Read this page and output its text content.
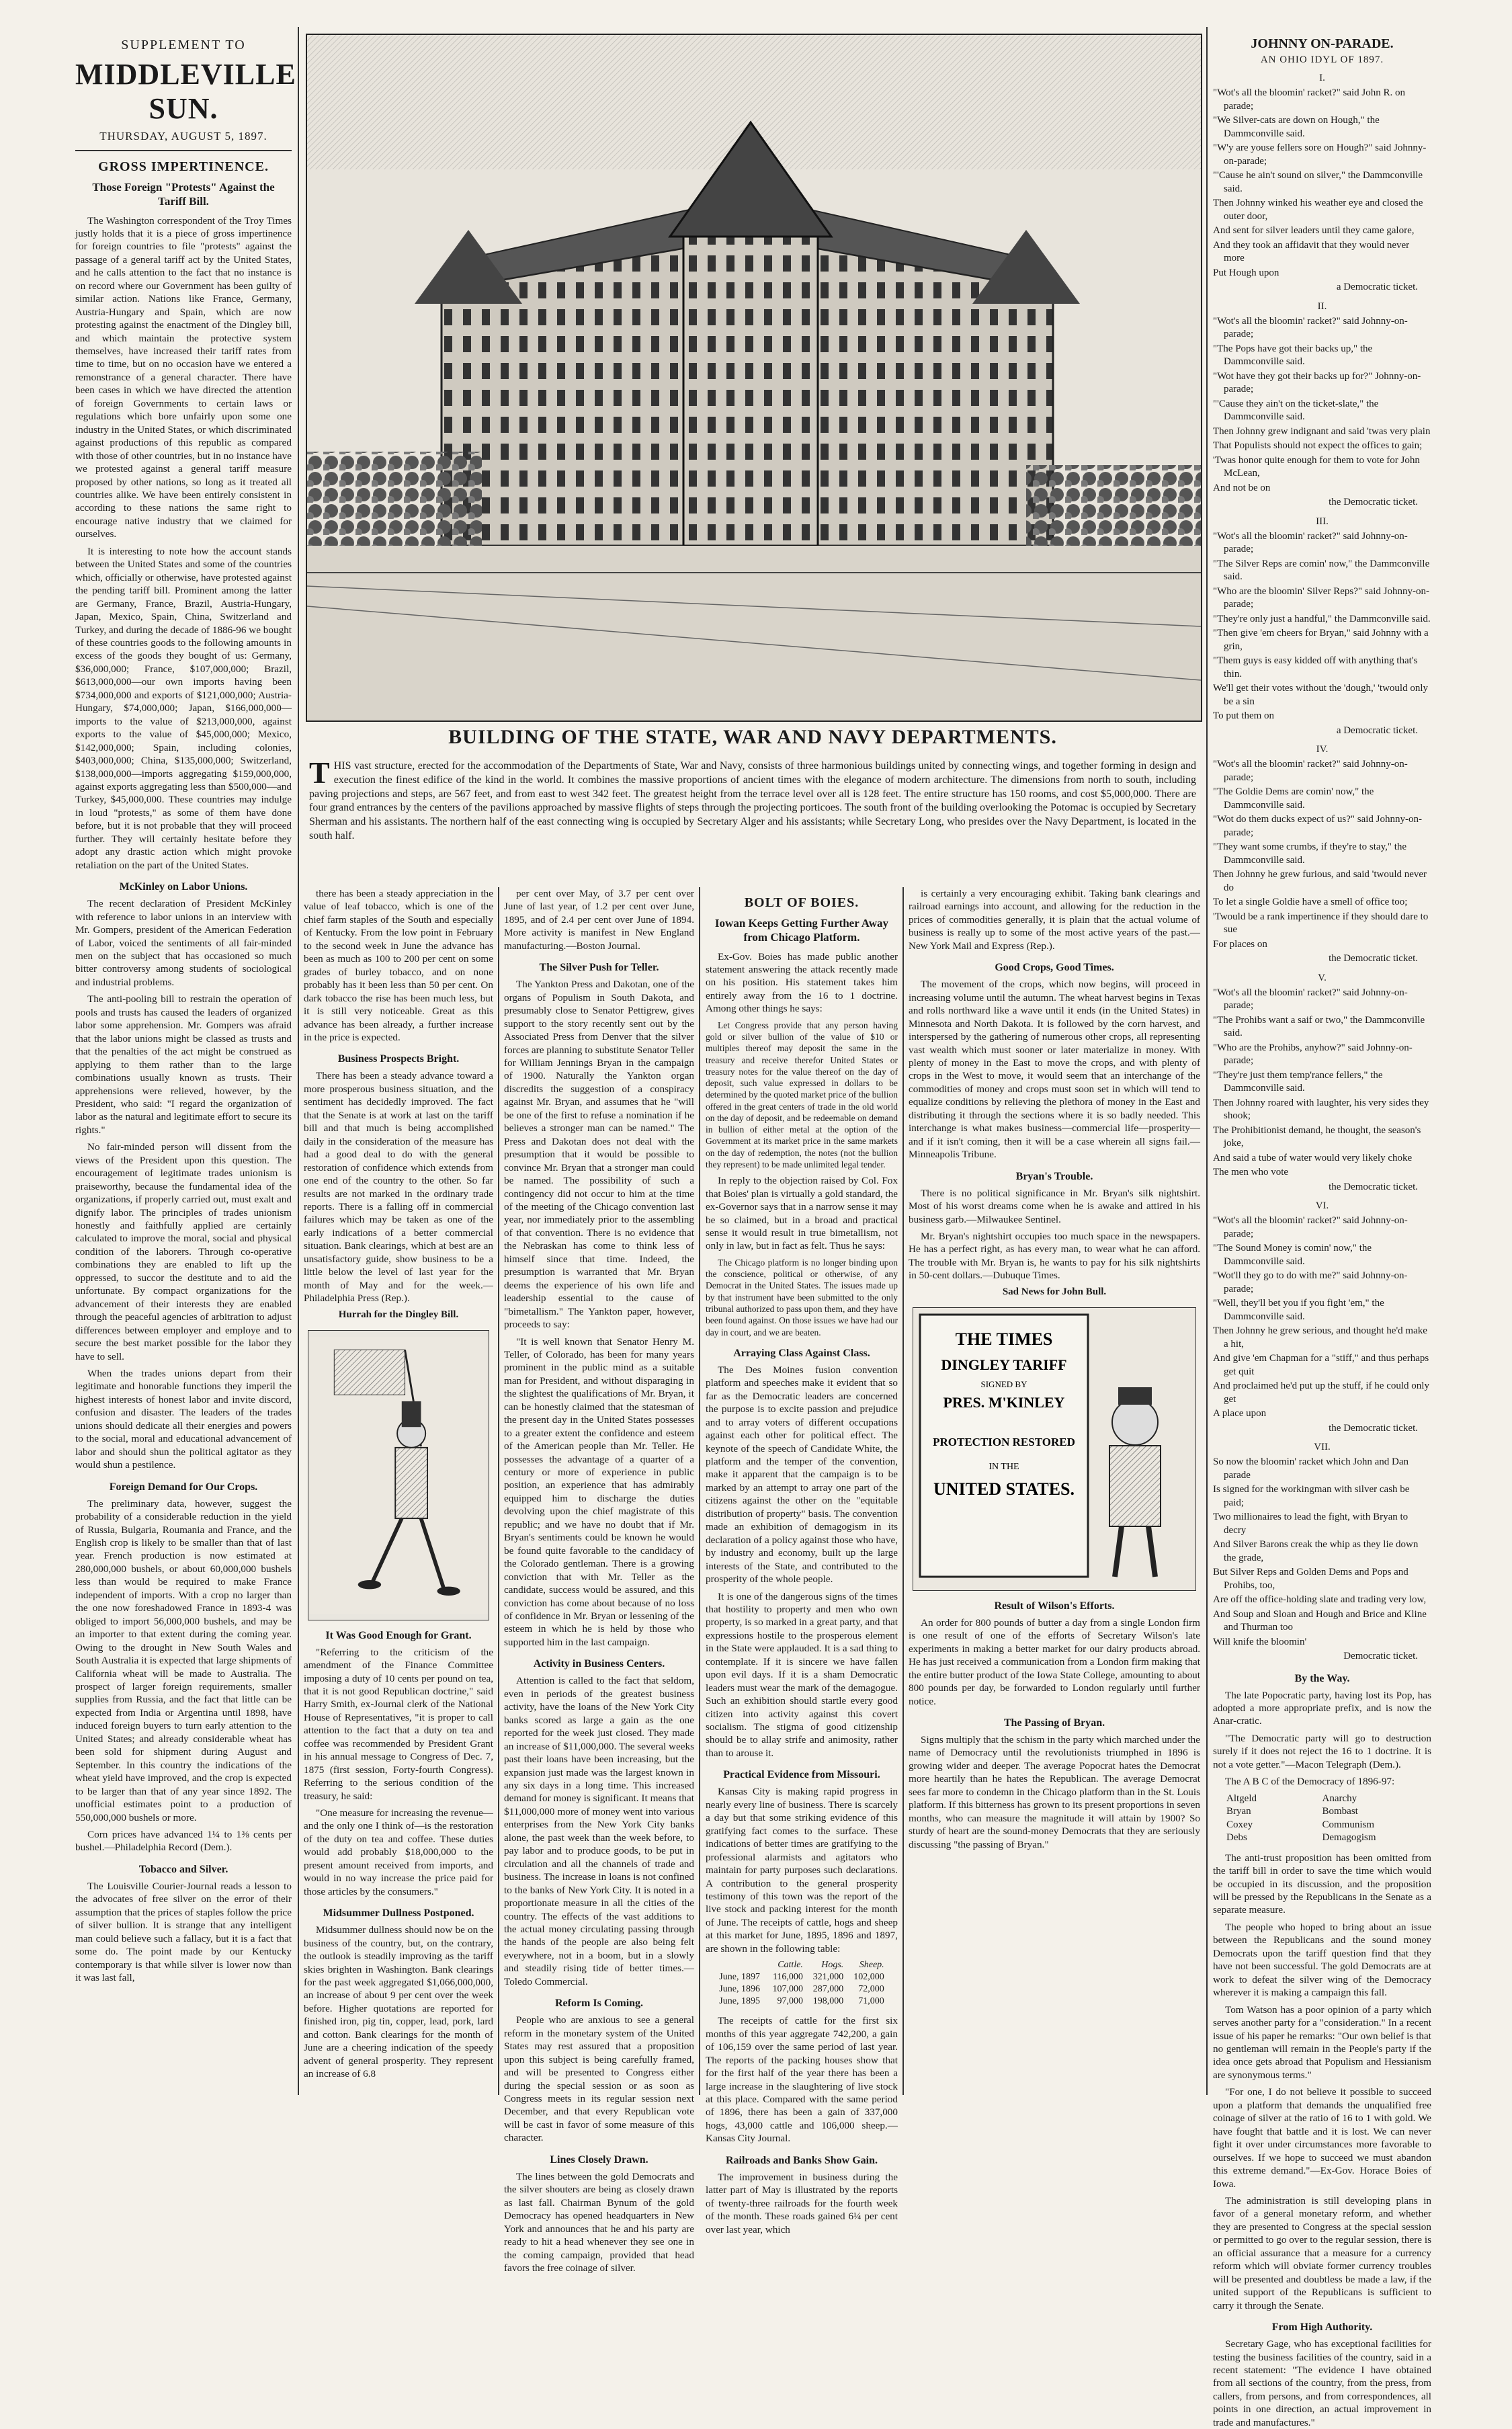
SUPPLEMENT TO
MIDDLEVILLE SUN.
THURSDAY, AUGUST 5, 1897.
GROSS IMPERTINENCE.
Those Foreign "Protests" Against the Tariff Bill.

The Washington correspondent of the Troy Times justly holds that it is a piece of gross impertinence for foreign countries to file "protests" against the passage of a general tariff act by the United States, and he calls attention to the fact that no instance is on record where our Government has been guilty of similar action. Nations like France, Germany, Austria-Hungary and Spain, which are now protesting against the enactment of the Dingley bill, and which maintain the protective system themselves, have increased their tariff rates from time to time, but on no occasion have we entered a remonstrance of a general character. There have been cases in which we have directed the attention of foreign Governments to certain laws or regulations which bore unfairly upon some one industry in the United States, or which discriminated against productions of this republic as compared with those of other countries, but in no instance have we protested against a general tariff measure proposed by other nations, so long as it treated all countries alike. We have been entirely consistent in according to these nations the same right to encourage native industry that we claimed for ourselves.

It is interesting to note how the account stands between the United States and some of the countries which, officially or otherwise, have protested against the pending tariff bill. Prominent among the latter are Germany, France, Brazil, Austria-Hungary, Japan, Mexico, Spain, China, Switzerland and Turkey, and during the decade of 1886-96 we bought of these countries goods to the following amounts in excess of the goods they bought of us: Germany, $36,000,000; France, $107,000,000; Brazil, $613,000,000—our own imports having been $734,000,000 and exports of $121,000,000; Austria-Hungary, $74,000,000; Japan, $166,000,000—imports to the value of $213,000,000, against exports to the value of $45,000,000; Mexico, $142,000,000; Spain, including colonies, $403,000,000; China, $135,000,000; Switzerland, $138,000,000—imports aggregating $159,000,000, against exports aggregating less than $500,000—and Turkey, $45,000,000. These countries may indulge in loud "protests," as some of them have done before, but it is not probable that they will proceed further. They will certainly hesitate before they adopt any drastic action which might provoke retaliation on the part of the United States.

McKinley on Labor Unions.

The recent declaration of President McKinley with reference to labor unions in an interview with Mr. Gompers, president of the American Federation of Labor, voiced the sentiments of all fair-minded men on the subject that has occasioned so much bitter controversy among students of sociological and industrial problems.

The anti-pooling bill to restrain the operation of pools and trusts has caused the leaders of organized labor some apprehension. Mr. Gompers was afraid that the labor unions might be classed as trusts and that the penalties of the act might be construed as applying to them rather than to the large combinations usually known as trusts. Their apprehensions were relieved, however, by the President, who said: "I regard the organization of labor as the natural and legitimate effort to secure its rights."

No fair-minded person will dissent from the views of the President upon this question. The encouragement of legitimate trades unionism is praiseworthy, because the fundamental idea of the organizations, if properly carried out, must exalt and dignify labor. The principles of trades unionism honestly and faithfully applied are certainly calculated to improve the moral, social and physical condition of the laborers. Through co-operative combinations they are enabled to lift up the oppressed, to succor the destitute and to aid the unfortunate. By compact organizations for the advancement of their interests they are enabled through the peaceful agencies of arbitration to adjust differences between employer and employe and to secure the best market possible for the labor they have to sell.

When the trades unions depart from their legitimate and honorable functions they imperil the highest interests of honest labor and invite discord, confusion and disaster. The leaders of the trades unions should dedicate all their energies and powers to the social, moral and educational advancement of labor and should shun the political agitator as they would shun a pestilence.

Foreign Demand for Our Crops.

The preliminary data, however, suggest the probability of a considerable reduction in the yield of Russia, Bulgaria, Roumania and France, and the English crop is likely to be smaller than that of last year. French production is now estimated at 280,000,000 bushels, or about 60,000,000 bushels less than would be required to make France independent of imports. With a crop no larger than the one now foreshadowed France in 1893-4 was obliged to import 56,000,000 bushels, and may be an importer to that extent during the coming year. Owing to the drought in New South Wales and South Australia it is expected that large shipments of California wheat will be made to Australia. The prospect of larger foreign requirements, smaller supplies from Russia, and the fact that little can be expected from India or Argentina until 1898, have induced foreign buyers to turn early attention to the United States; and already considerable wheat has been sold for shipment during August and September. In this country the indications of the wheat yield have improved, and the crop is expected to be larger than that of any year since 1892. The unofficial estimates point to a production of 550,000,000 bushels or more.

Corn prices have advanced 1¼ to 1⅜ cents per bushel.—Philadelphia Record (Dem.).

Tobacco and Silver.

The Louisville Courier-Journal reads a lesson to the advocates of free silver on the error of their assumption that the prices of staples follow the price of silver bullion. It is strange that any intelligent man could believe such a fallacy, but it is a fact that some do. The point made by our Kentucky contemporary is that while silver is lower now than it was last fall,

BUILDING OF THE STATE, WAR AND NAVY DEPARTMENTS.
T HIS vast structure, erected for the accommodation of the Departments of State, War and Navy, consists of three harmonious buildings united by connecting wings, and together forming in design and execution the finest edifice of the kind in the world. It combines the massive proportions of ancient times with the elegance of modern architecture. The dimensions from north to south, including paving projections and steps, are 567 feet, and from east to west 342 feet. The greatest height from the terrace level over all is 128 feet. The entire structure has 150 rooms, and cost $5,000,000. There are four grand entrances by the centers of the pavilions approached by massive flights of steps through the projecting porticoes. The south front of the building overlooking the Potomac is occupied by Secretary Sherman and his assistants. The northern half of the east connecting wing is occupied by Secretary Alger and his assistants; while Secretary Long, who presides over the Navy Department, is located in the south half.

there has been a steady appreciation in the value of leaf tobacco, which is one of the chief farm staples of the South and especially of Kentucky. From the low point in February to the second week in June the advance has been as much as 100 to 200 per cent on some grades of burley tobacco, and on none probably has it been less than 50 per cent. On dark tobacco the rise has been much less, but it is still very noticeable. Great as this advance has been already, a further increase in the price is expected.

Business Prospects Bright.

There has been a steady advance toward a more prosperous business situation, and the sentiment has decidedly improved. The fact that the Senate is at work at last on the tariff bill and that much is being accomplished daily in the consideration of the measure has had a good deal to do with the general restoration of confidence which extends from one end of the country to the other. So far results are not marked in the ordinary trade reports. There is a falling off in commercial failures which may be taken as one of the early indications of a better commercial situation. Bank clearings, which at best are an unsatisfactory guide, show business to be a little below the level of last year for the month of May and for the week.—Philadelphia Press (Rep.).

Hurrah for the Dingley Bill.
It Was Good Enough for Grant.

"Referring to the criticism of the amendment of the Finance Committee imposing a duty of 10 cents per pound on tea, that it is not good Republican doctrine," said Harry Smith, ex-Journal clerk of the National House of Representatives, "it is proper to call attention to the fact that a duty on tea and coffee was recommended by President Grant in his annual message to Congress of Dec. 7, 1875 (first session, Forty-fourth Congress). Referring to the serious condition of the treasury, he said:

"One measure for increasing the revenue—and the only one I think of—is the restoration of the duty on tea and coffee. These duties would add probably $18,000,000 to the present amount received from imports, and would in no way increase the price paid for those articles by the consumers."

Midsummer Dullness Postponed.

Midsummer dullness should now be on the business of the country, but, on the contrary, the outlook is steadily improving as the tariff skies brighten in Washington. Bank clearings for the past week aggregated $1,066,000,000, an increase of about 9 per cent over the week before. Higher quotations are reported for finished iron, pig tin, copper, lead, pork, lard and cotton. Bank clearings for the month of June are a cheering indication of the speedy advent of general prosperity. They represent an increase of 6.8

per cent over May, of 3.7 per cent over June of last year, of 1.2 per cent over June, 1895, and of 2.4 per cent over June of 1894. More activity is manifest in New England manufacturing.—Boston Journal.

The Silver Push for Teller.

The Yankton Press and Dakotan, one of the organs of Populism in South Dakota, and presumably close to Senator Pettigrew, gives support to the story recently sent out by the Associated Press from Denver that the silver forces are planning to substitute Senator Teller for William Jennings Bryan in the campaign of 1900. Naturally the Yankton organ discredits the suggestion of a conspiracy against Mr. Bryan, and assumes that he "will be one of the first to refuse a nomination if he believes a stronger man can be named." The Press and Dakotan does not deal with the presumption that it would be possible to convince Mr. Bryan that a stronger man could be named. The possibility of such a contingency did not occur to him at the time of the meeting of the Chicago convention last year, nor immediately prior to the assembling of that convention. There is no evidence that the Nebraskan has come to think less of himself since that time. Indeed, the presumption is warranted that Mr. Bryan deems the experience of his own life and leadership essential to the cause of "bimetallism." The Yankton paper, however, proceeds to say:

"It is well known that Senator Henry M. Teller, of Colorado, has been for many years prominent in the public mind as a suitable man for President, and without disparaging in the slightest the qualifications of Mr. Bryan, it can be honestly claimed that the statesman of the present day in the United States possesses to a greater extent the confidence and esteem of the American people than Mr. Teller. He possesses the advantage of a quarter of a century or more of experience in public position, an experience that has admirably equipped him to discharge the duties devolving upon the chief magistrate of this republic; and we have no doubt that if Mr. Bryan's sentiments could be known he would be found quite favorable to the candidacy of the Colorado gentleman. There is a growing conviction that with Mr. Teller as the candidate, success would be assured, and this conviction has come about because of no loss of confidence in Mr. Bryan or lessening of the esteem in which he is held by those who supported him in the last campaign.

Activity in Business Centers.

Attention is called to the fact that seldom, even in periods of the greatest business activity, have the loans of the New York City banks scored as large a gain as the one reported for the week just closed. They made an increase of $11,000,000. The several weeks past their loans have been increasing, but the expansion just made was the largest known in any six days in a long time. This increased demand for money is significant. It means that $11,000,000 more of money went into various enterprises from the New York City banks alone, the past week than the week before, to pay labor and to produce goods, to be put in circulation and all the channels of trade and business. The increase in loans is not confined to the banks of New York City. It is noted in a proportionate measure in all the cities of the country. The effects of the vast additions to the actual money circulating passing through the hands of the people are also being felt everywhere, not in a boom, but in a slowly and steadily rising tide of better times.—Toledo Commercial.

Reform Is Coming.

People who are anxious to see a general reform in the monetary system of the United States may rest assured that a proposition upon this subject is being carefully framed, and will be presented to Congress either during the special session or as soon as Congress meets in its regular session next December, and that every Republican vote will be cast in favor of some measure of this character.

Lines Closely Drawn.

The lines between the gold Democrats and the silver shouters are being as closely drawn as last fall. Chairman Bynum of the gold Democracy has opened headquarters in New York and announces that he and his party are ready to hit a head whenever they see one in the coming campaign, provided that head favors the free coinage of silver.

BOLT OF BOIES.
Iowan Keeps Getting Further Away from Chicago Platform.

Ex-Gov. Boies has made public another statement answering the attack recently made on his position. His statement takes him entirely away from the 16 to 1 doctrine. Among other things he says:

Let Congress provide that any person having gold or silver bullion of the value of $10 or multiples thereof may deposit the same in the treasury and receive therefor United States or treasury notes for the value thereof on the day of deposit, such value expressed in dollars to be determined by the quoted market price of the bullion offered in the great centers of trade in the old world on the day of deposit, and be redeemable on demand in bullion of either metal at the option of the Government at its market price in the same markets on the day of redemption, the notes (not the bullion they represent) to be made unlimited legal tender.

In reply to the objection raised by Col. Fox that Boies' plan is virtually a gold standard, the ex-Governor says that in a narrow sense it may be so claimed, but in a broad and practical sense it would result in true bimetallism, not only in law, but in fact as felt. Thus he says:

The Chicago platform is no longer binding upon the conscience, political or otherwise, of any Democrat in the United States. The issues made up by that instrument have been submitted to the only tribunal authorized to pass upon them, and they have been found against. On those issues we have had our day in court, and we are beaten.

Arraying Class Against Class.

The Des Moines fusion convention platform and speeches make it evident that so far as the Democratic leaders are concerned the purpose is to excite passion and prejudice and to array voters of different occupations against each other for political effect. The keynote of the speech of Candidate White, the platform and the temper of the convention, make it apparent that the campaign is to be marked by an attempt to array one part of the citizens against the other on the "equitable distribution of property" basis. The convention made an exhibition of demagogism in its declaration of a policy against those who have, by industry and economy, built up the large interests of the State, and contributed to the prosperity of the whole people.

It is one of the dangerous signs of the times that hostility to property and men who own property, is so marked in a great party, and that expressions hostile to the prosperous element in the State were applauded. It is a sad thing to contemplate. If it is sincere we have fallen upon evil days. If it is a sham Democratic leaders must wear the mark of the demagogue. Such an exhibition should startle every good citizen into activity against this covert socialism. The stigma of good citizenship should be to allay strife and animosity, rather than to arouse it.

Practical Evidence from Missouri.

Kansas City is making rapid progress in nearly every line of business. There is scarcely a day but that some striking evidence of this gratifying fact comes to the surface. These indications of better times are gratifying to the professional alarmists and agitators who maintain for party purposes such declarations. A contribution to the general prosperity testimony of this town was the report of the live stock and packing interest for the month of June. The receipts of cattle, hogs and sheep at this market for June, 1895, 1896 and 1897, are shown in the following table:

	Cattle.	Hogs.	Sheep.
June, 1897	116,000	321,000	102,000
June, 1896	107,000	287,000	72,000
June, 1895	97,000	198,000	71,000

The receipts of cattle for the first six months of this year aggregate 742,200, a gain of 106,159 over the same period of last year. The reports of the packing houses show that for the first half of the year there has been a large increase in the slaughtering of live stock at this place. Compared with the same period of 1896, there has been a gain of 337,000 hogs, 43,000 cattle and 106,000 sheep.—Kansas City Journal.

Railroads and Banks Show Gain.

The improvement in business during the latter part of May is illustrated by the reports of twenty-three railroads for the fourth week of the month. These roads gained 6¼ per cent over last year, which

is certainly a very encouraging exhibit. Taking bank clearings and railroad earnings into account, and allowing for the reduction in the prices of commodities generally, it is plain that the actual volume of business is really up to some of the most active years of the past.—New York Mail and Express (Rep.).

Good Crops, Good Times.

The movement of the crops, which now begins, will proceed in increasing volume until the autumn. The wheat harvest begins in Texas and rolls northward like a wave until it ends (in the United States) in Minnesota and North Dakota. It is followed by the corn harvest, and interspersed by the gathering of numerous other crops, all representing vast wealth which must sooner or later materialize in money. With plenty of money in the East to move the crops, and with plenty of crops in the West to move, it would seem that an interchange of the commodities of money and crops must soon set in which will tend to equalize conditions by relieving the plethora of money in the East and distributing it through the sections where it is so badly needed. This interchange is what makes business—commercial life—prosperity—and if it isn't coming, then it will be a case wherein all signs fail.—Minneapolis Tribune.

Bryan's Trouble.

There is no political significance in Mr. Bryan's silk nightshirt. Most of his worst dreams come when he is awake and attired in his business garb.—Milwaukee Sentinel.

Mr. Bryan's nightshirt occupies too much space in the newspapers. He has a perfect right, as has every man, to wear what he can afford. The trouble with Mr. Bryan is, he wants to pay for his silk nightshirts in 50-cent dollars.—Dubuque Times.

Sad News for John Bull.
THE TIMES
DINGLEY TARIFF
SIGNED BY
PRES. M'KINLEY
PROTECTION RESTORED
IN THE
UNITED STATES.
Result of Wilson's Efforts.

An order for 800 pounds of butter a day from a single London firm is one result of one of the efforts of Secretary Wilson's late experiments in making a better market for our dairy products abroad. He has just received a communication from a London firm making that the entire butter product of the Iowa State College, amounting to about 800 pounds per day, be forwarded to London regularly until further notice.

The Passing of Bryan.

Signs multiply that the schism in the party which marched under the name of Democracy until the revolutionists triumphed in 1896 is growing wider and deeper. The average Popocrat hates the Democrat more heartily than he hates the Republican. The average Democrat sees far more to condemn in the Chicago platform than in the St. Louis platform. If this bitterness has grown to its present proportions in seven months, who can measure the magnitude it will attain by 1900? So sturdy of heart are the sound-money Democrats that they are seriously discussing "the passing of Bryan."

JOHNNY ON-PARADE.
AN OHIO IDYL OF 1897.
I.
"Wot's all the bloomin' racket?" said John R. on parade;
"We Silver-cats are down on Hough," the Dammconville said.
"W'y are youse fellers sore on Hough?" said Johnny-on-parade;
"'Cause he ain't sound on silver," the Dammconville said.
Then Johnny winked his weather eye and closed the outer door,
And sent for silver leaders until they came galore,
And they took an affidavit that they would never more
Put Hough upon
a Democratic ticket.
II.
"Wot's all the bloomin' racket?" said Johnny-on-parade;
"The Pops have got their backs up," the Dammconville said.
"Wot have they got their backs up for?" Johnny-on-parade;
"'Cause they ain't on the ticket-slate," the Dammconville said.
Then Johnny grew indignant and said 'twas very plain
That Populists should not expect the offices to gain;
'Twas honor quite enough for them to vote for John McLean,
And not be on
the Democratic ticket.
III.
"Wot's all the bloomin' racket?" said Johnny-on-parade;
"The Silver Reps are comin' now," the Dammconville said.
"Who are the bloomin' Silver Reps?" said Johnny-on-parade;
"They're only just a handful," the Dammconville said.
"Then give 'em cheers for Bryan," said Johnny with a grin,
"Them guys is easy kidded off with anything that's thin.
We'll get their votes without the 'dough,' 'twould only be a sin
To put them on
a Democratic ticket.
IV.
"Wot's all the bloomin' racket?" said Johnny-on-parade;
"The Goldie Dems are comin' now," the Dammconville said.
"Wot do them ducks expect of us?" said Johnny-on-parade;
"They want some crumbs, if they're to stay," the Dammconville said.
Then Johnny he grew furious, and said 'twould never do
To let a single Goldie have a smell of office too;
'Twould be a rank impertinence if they should dare to sue
For places on
the Democratic ticket.
V.
"Wot's all the bloomin' racket?" said Johnny-on-parade;
"The Prohibs want a saif or two," the Dammconville said.
"Who are the Prohibs, anyhow?" said Johnny-on-parade;
"They're just them temp'rance fellers," the Dammconville said.
Then Johnny roared with laughter, his very sides they shook;
The Prohibitionist demand, he thought, the season's joke,
And said a tube of water would very likely choke
The men who vote
the Democratic ticket.
VI.
"Wot's all the bloomin' racket?" said Johnny-on-parade;
"The Sound Money is comin' now," the Dammconville said.
"Wot'll they go to do with me?" said Johnny-on-parade;
"Well, they'll bet you if you fight 'em," the Dammconville said.
Then Johnny he grew serious, and thought he'd make a hit,
And give 'em Chapman for a "stiff," and thus perhaps get quit
And proclaimed he'd put up the stuff, if he could only get
A place upon
the Democratic ticket.
VII.
So now the bloomin' racket which John and Dan parade
Is signed for the workingman with silver cash be paid;
Two millionaires to lead the fight, with Bryan to decry
And Silver Barons creak the whip as they lie down the grade,
But Silver Reps and Golden Dems and Pops and Prohibs, too,
Are off the office-holding slate and trading very low,
And Soup and Sloan and Hough and Brice and Kline and Thurman too
Will knife the bloomin'
Democratic ticket.
By the Way.

The late Popocratic party, having lost its Pop, has adopted a more appropriate prefix, and is now the Anar-cratic.

"The Democratic party will go to destruction surely if it does not reject the 16 to 1 doctrine. It is not a vote getter."—Macon Telegraph (Dem.).

The A B C of the Democracy of 1896-97:

Altgeld	Anarchy
Bryan	Bombast
Coxey	Communism
Debs	Demagogism

The anti-trust proposition has been omitted from the tariff bill in order to save the time which would be occupied in its discussion, and the proposition will be pressed by the Republicans in the Senate as a separate measure.

The people who hoped to bring about an issue between the Republicans and the sound money Democrats upon the tariff question find that they have not been successful. The gold Democrats are at work to defeat the silver wing of the Democracy wherever it is making a campaign this fall.

Tom Watson has a poor opinion of a party which serves another party for a "consideration." In a recent issue of his paper he remarks: "Our own belief is that no gentleman will remain in the People's party if the idea once gets abroad that Populism and Hessianism are synonymous terms."

"For one, I do not believe it possible to succeed upon a platform that demands the unqualified free coinage of silver at the ratio of 16 to 1 with gold. We have fought that battle and it is lost. We can never fight it over under circumstances more favorable to ourselves. If we hope to succeed we must abandon this extreme demand."—Ex-Gov. Horace Boies of Iowa.

The administration is still developing plans in favor of a general monetary reform, and whether they are presented to Congress at the special session or permitted to go over to the regular session, there is an official assurance that a measure for a currency reform which will obviate former currency troubles will be presented and doubtless be made a law, if the united support of the Republicans is sufficient to carry it through the Senate.

From High Authority.

Secretary Gage, who has exceptional facilities for testing the business facilities of the country, said in a recent statement: "The evidence I have obtained from all sections of the country, from the press, from callers, from persons, and from correspondences, all points in one direction, an actual improvement in trade and manufactures."
